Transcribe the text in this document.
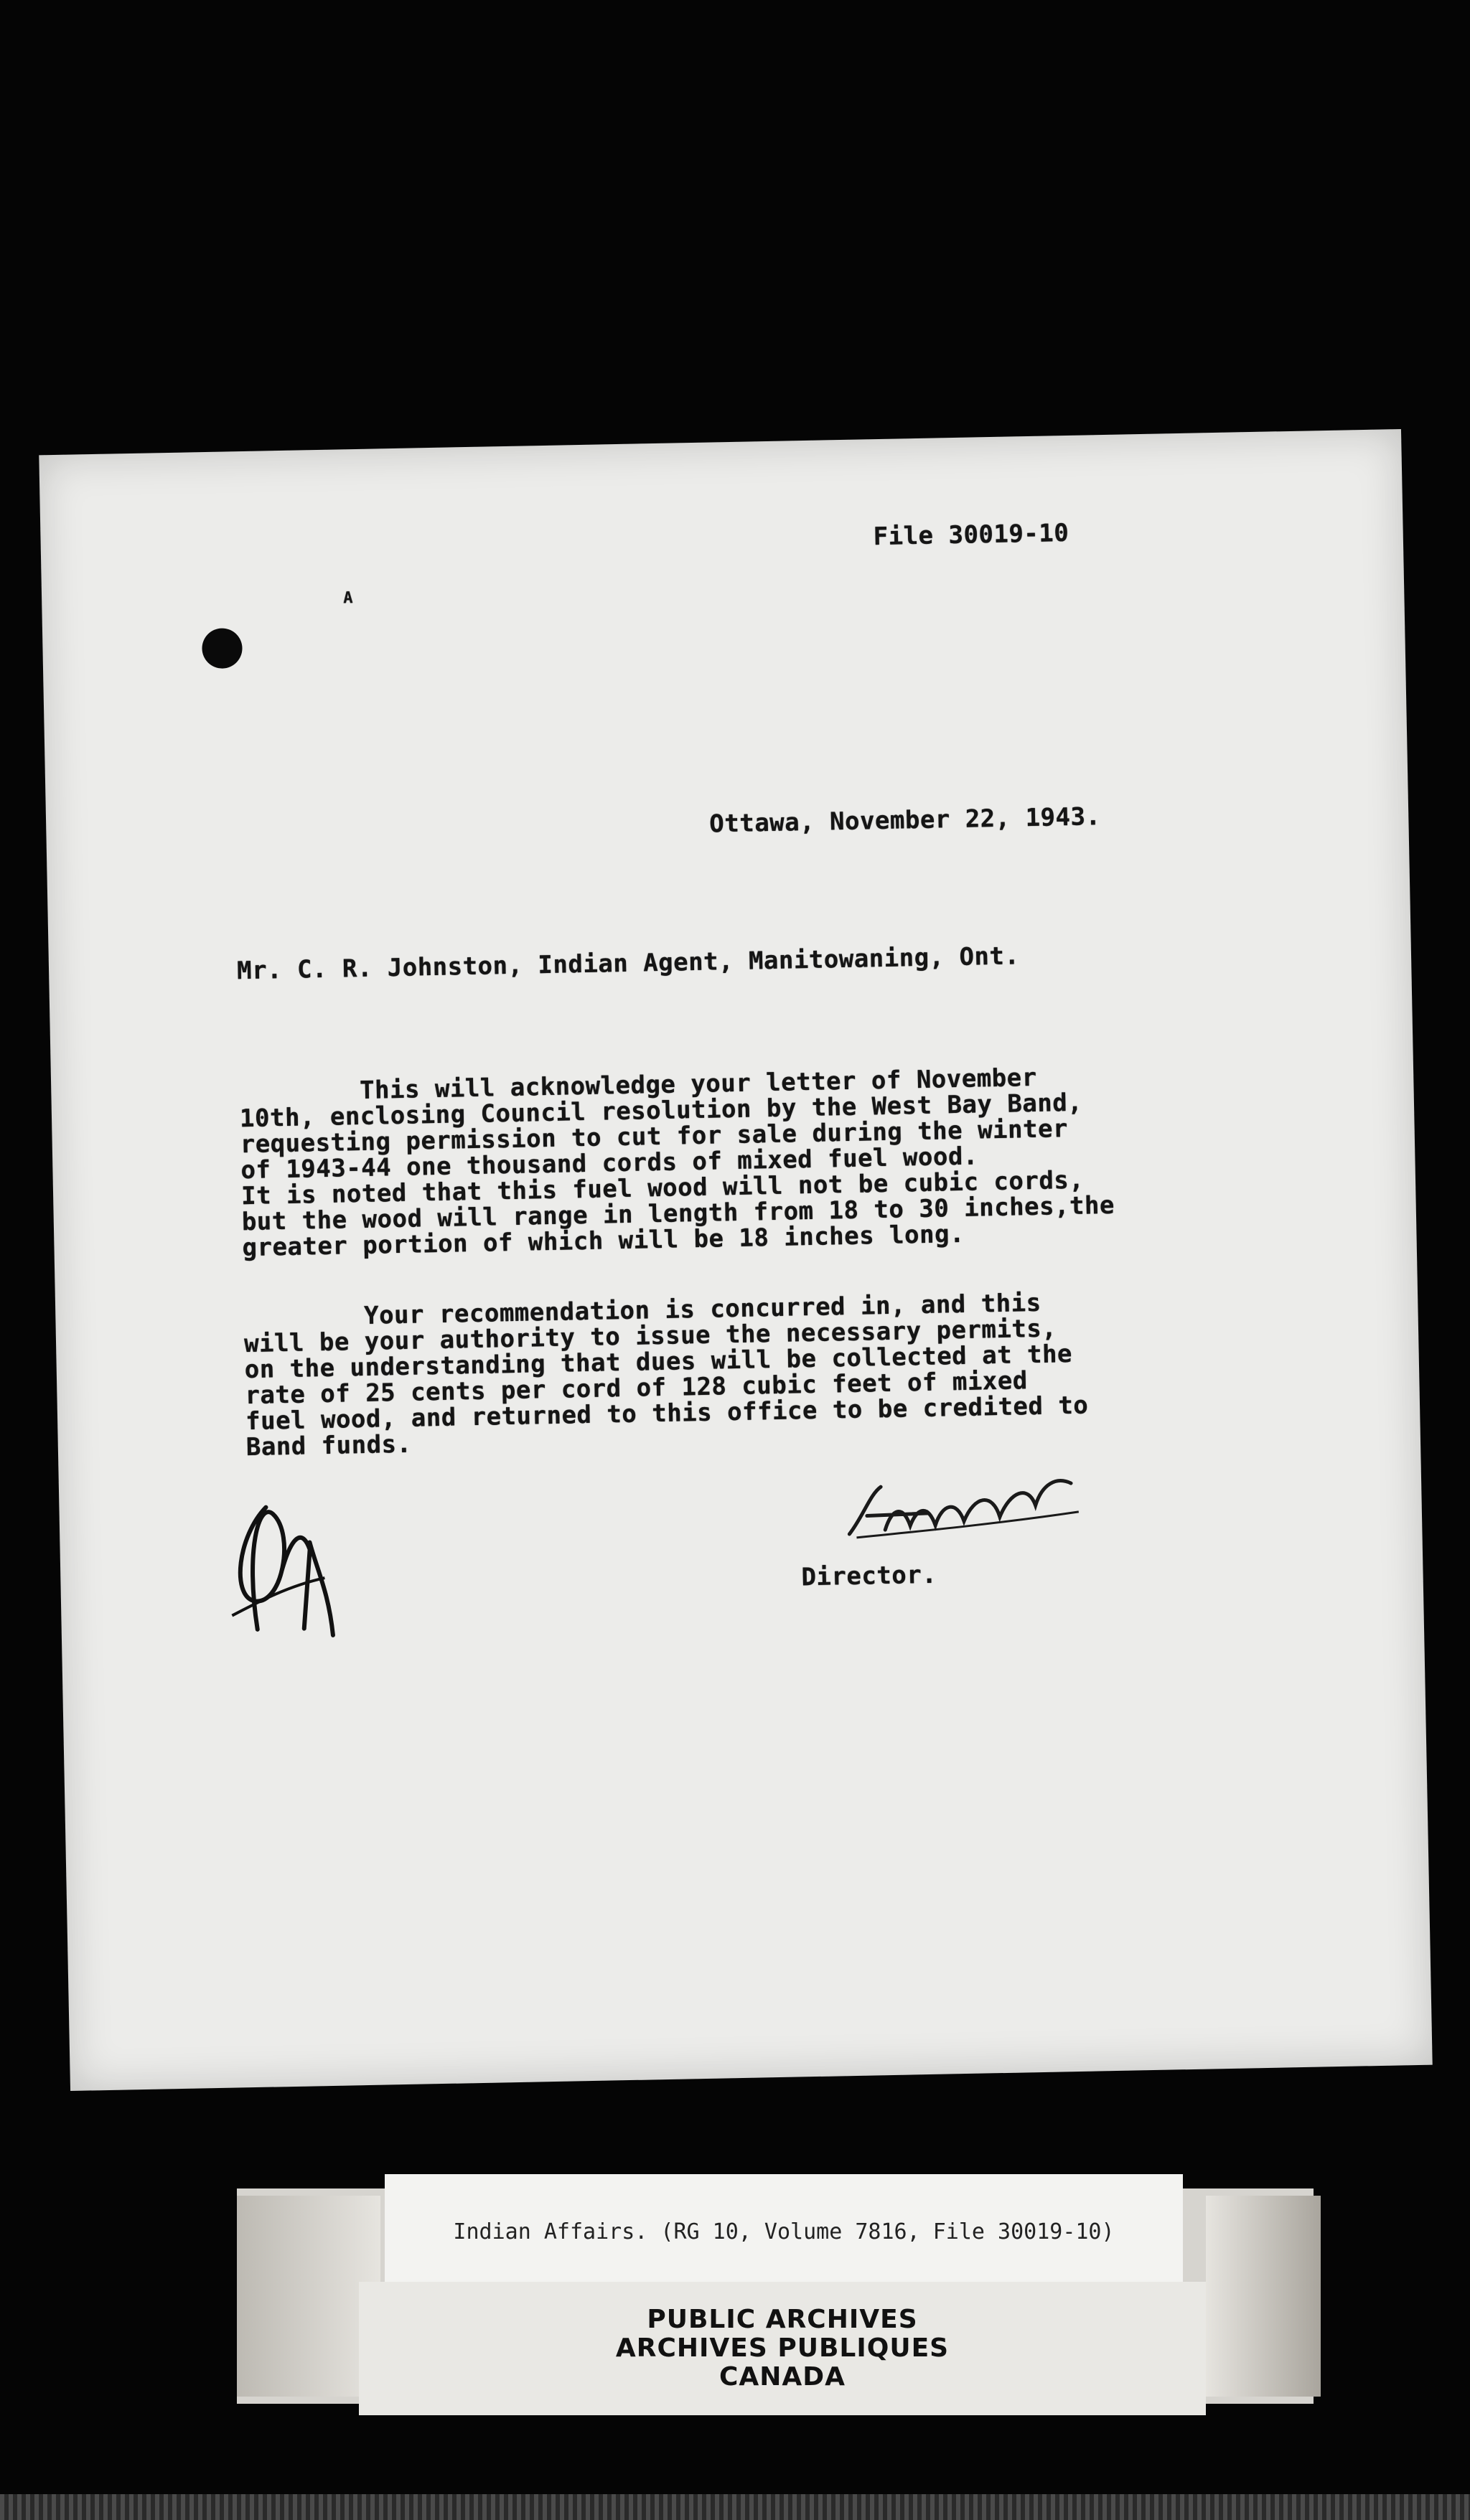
File 30019-10
A
Ottawa, November 22, 1943.
Mr. C. R. Johnston, Indian Agent, Manitowaning, Ont.
This will acknowledge your letter of November
10th, enclosing Council resolution by the West Bay Band,
requesting permission to cut for sale during the winter
of 1943-44 one thousand cords of mixed fuel wood.
It is noted that this fuel wood will not be cubic cords,
but the wood will range in length from 18 to 30 inches,the
greater portion of which will be 18 inches long.
Your recommendation is concurred in, and this
will be your authority to issue the necessary permits,
on the understanding that dues will be collected at the
rate of 25 cents per cord of 128 cubic feet of mixed
fuel wood, and returned to this office to be credited to
Band funds.
Director.
Indian Affairs. (RG 10, Volume 7816, File 30019-10)
PUBLIC ARCHIVES
ARCHIVES PUBLIQUES
CANADA
